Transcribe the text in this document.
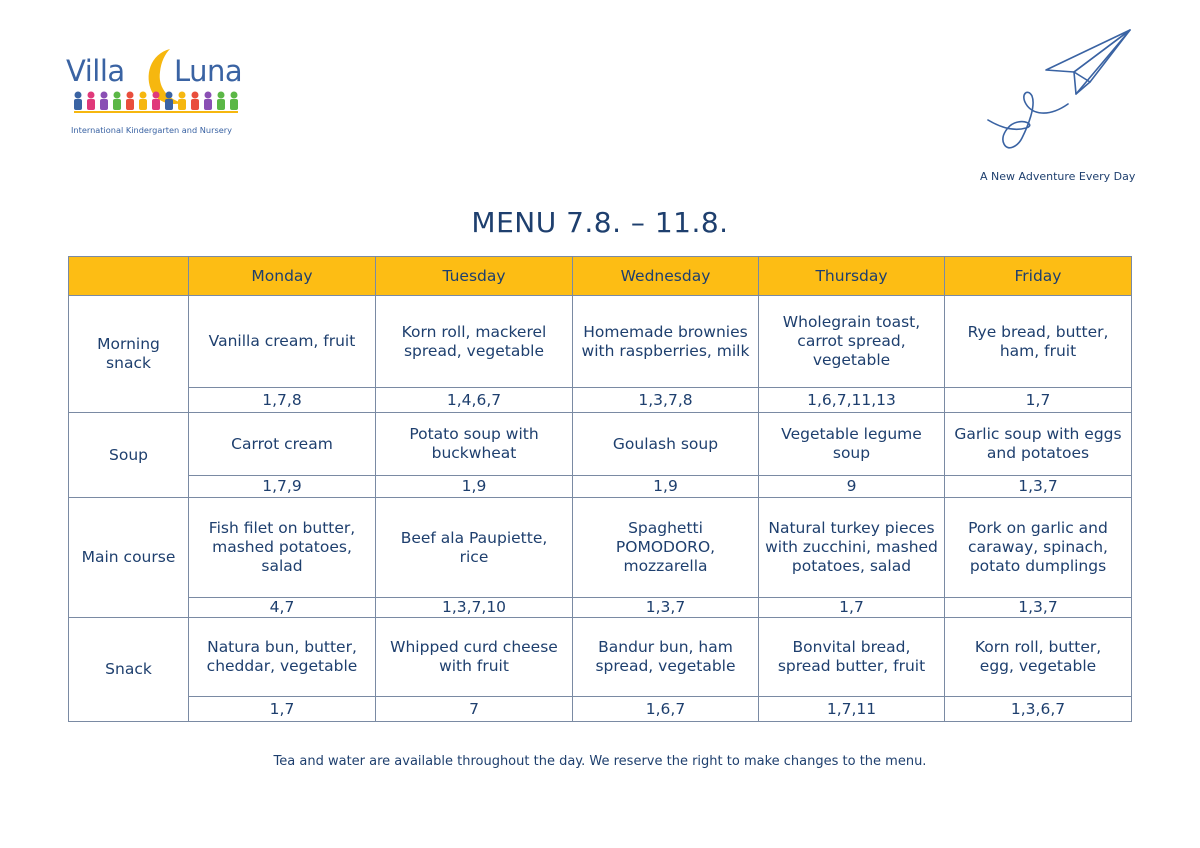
Villa Luna
International Kindergarten and Nursery
A New Adventure Every Day
MENU 7.8. – 11.8.
	Monday	Tuesday	Wednesday	Thursday	Friday
Morning snack	Vanilla cream, fruit	Korn roll, mackerel spread, vegetable	Homemade brownies with raspberries, milk	Wholegrain toast, carrot spread, vegetable	Rye bread, butter, ham, fruit
	1,7,8	1,4,6,7	1,3,7,8	1,6,7,11,13	1,7
Soup	Carrot cream	Potato soup with buckwheat	Goulash soup	Vegetable legume soup	Garlic soup with eggs and potatoes
	1,7,9	1,9	1,9	9	1,3,7
Main course	Fish filet on butter, mashed potatoes, salad	Beef ala Paupiette, rice	Spaghetti POMODORO, mozzarella	Natural turkey pieces with zucchini, mashed potatoes, salad	Pork on garlic and caraway, spinach, potato dumplings
	4,7	1,3,7,10	1,3,7	1,7	1,3,7
Snack	Natura bun, butter, cheddar, vegetable	Whipped curd cheese with fruit	Bandur bun, ham spread, vegetable	Bonvital bread, spread butter, fruit	Korn roll, butter, egg, vegetable
	1,7	7	1,6,7	1,7,11	1,3,6,7
Tea and water are available throughout the day. We reserve the right to make changes to the menu.
